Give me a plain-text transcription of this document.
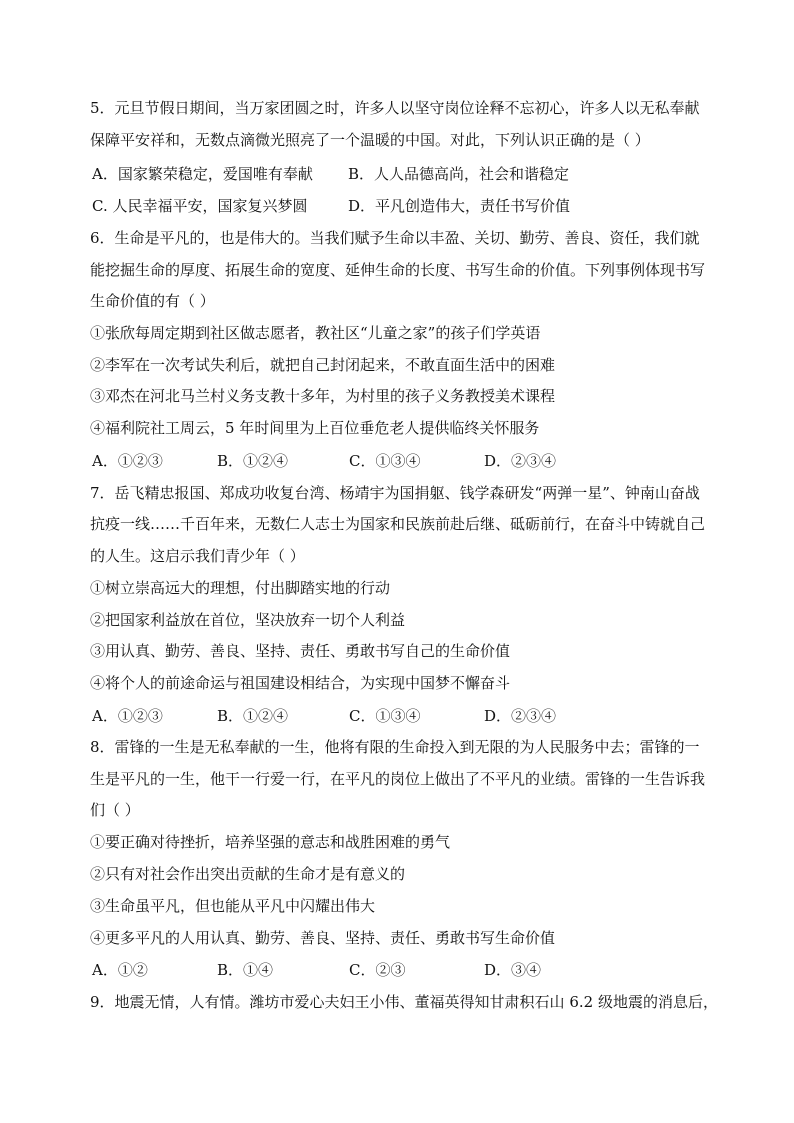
5．元旦节假日期间，当万家团圆之时，许多人以坚守岗位诠释不忘初心，许多人以无私奉献
保障平安祥和，无数点滴微光照亮了一个温暖的中国。对此，下列认识正确的是（ ）
A．国家繁荣稳定，爱国唯有奉献 B．人人品德高尚，社会和谐稳定
C. 人民幸福平安，国家复兴梦圆	D．平凡创造伟大，责任书写价值
6．生命是平凡的，也是伟大的。当我们赋予生命以丰盈、关切、勤劳、善良、资任，我们就
能挖掘生命的厚度、拓展生命的宽度、延伸生命的长度、书写生命的价值。下列事例体现书写
生命价值的有（ ）
①张欣每周定期到社区做志愿者，教社区“儿童之家”的孩子们学英语
②李军在一次考试失利后，就把自己封闭起来，不敢直面生活中的困难
③邓杰在河北马兰村义务支教十多年，为村里的孩子义务教授美术课程
④福利院社工周云，5 年时间里为上百位垂危老人提供临终关怀服务
A．①②③	B．①②④	C．①③④	D．②③④
7．岳飞精忠报国、郑成功收复台湾、杨靖宇为国捐躯、钱学森研发“两弹一星”、钟南山奋战
抗疫一线……千百年来，无数仁人志士为国家和民族前赴后继、砥砺前行，在奋斗中铸就自己
的人生。这启示我们青少年（ ）
①树立崇高远大的理想，付出脚踏实地的行动
②把国家利益放在首位，坚决放弃一切个人利益
③用认真、勤劳、善良、坚持、责任、勇敢书写自己的生命价值
④将个人的前途命运与祖国建设相结合，为实现中国梦不懈奋斗
A．①②③	B．①②④	C．①③④	D．②③④
8．雷锋的一生是无私奉献的一生，他将有限的生命投入到无限的为人民服务中去；雷锋的一
生是平凡的一生，他干一行爱一行，在平凡的岗位上做出了不平凡的业绩。雷锋的一生告诉我
们（ ）
①要正确对待挫折，培养坚强的意志和战胜困难的勇气
②只有对社会作出突出贡献的生命才是有意义的
③生命虽平凡，但也能从平凡中闪耀出伟大
④更多平凡的人用认真、勤劳、善良、坚持、责任、勇敢书写生命价值
A．①②	B．①④	C．②③	D．③④
9．地震无情，人有情。潍坊市爱心夫妇王小伟、董福英得知甘肃积石山 6.2 级地震的消息后，
